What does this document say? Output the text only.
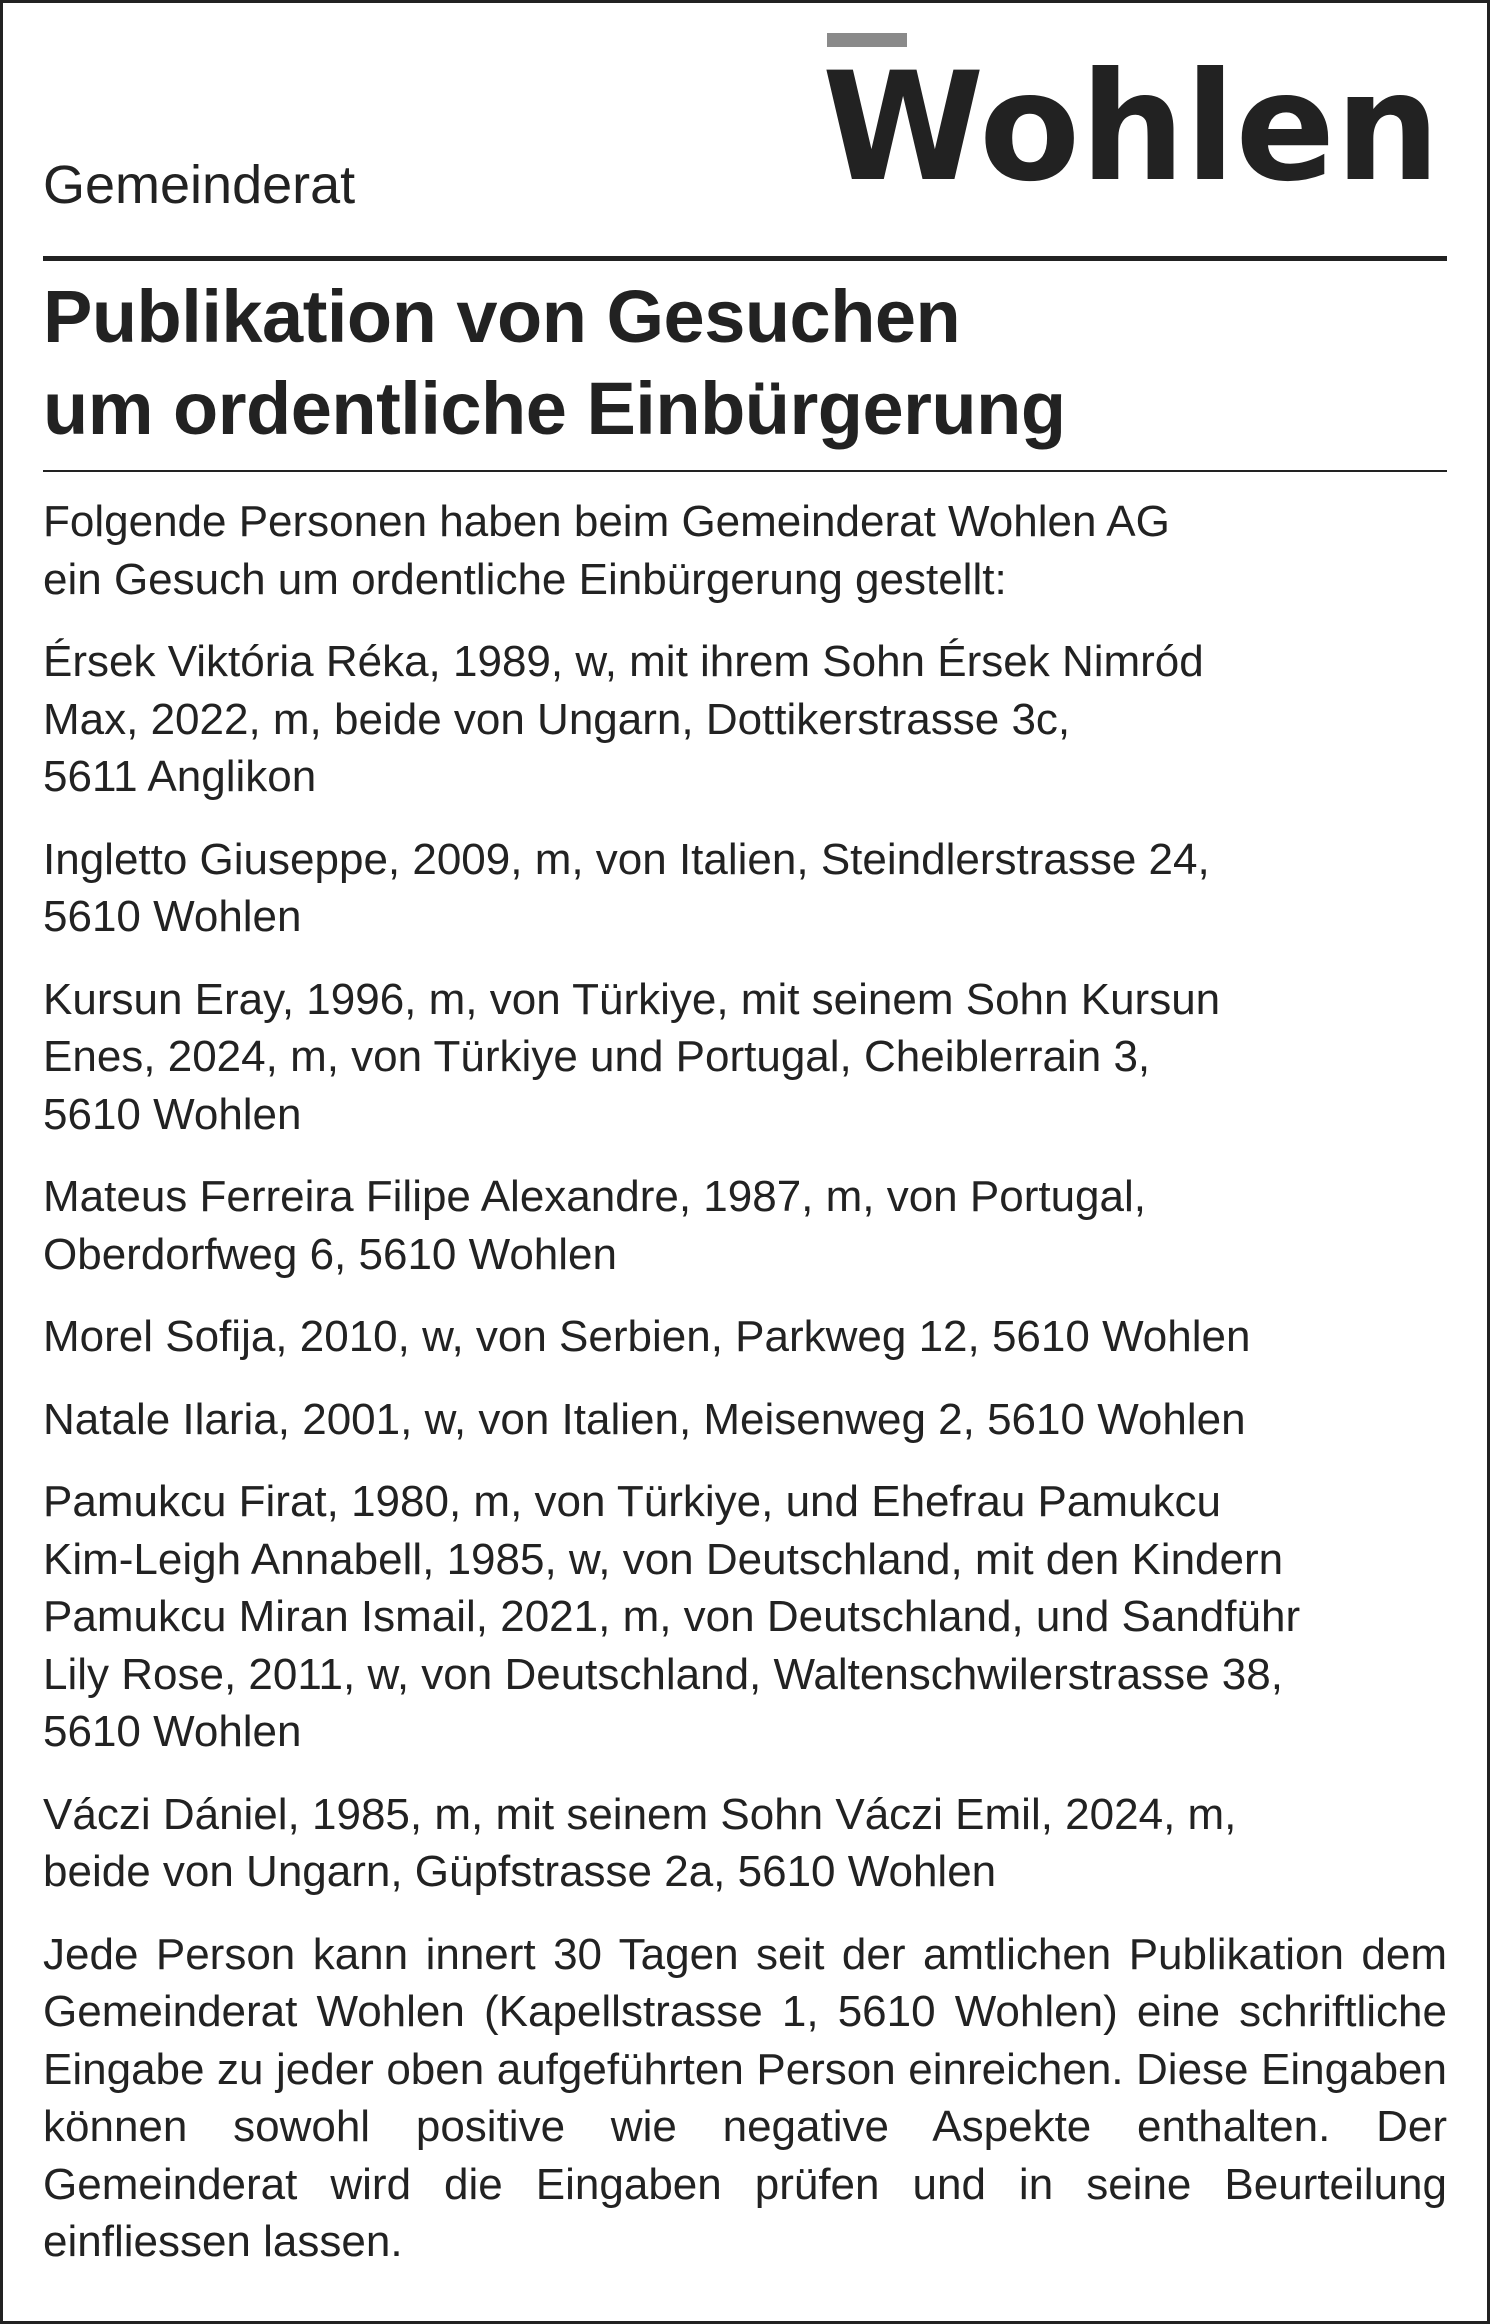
Gemeinderat	Wohlen
Publikation von Gesuchen
um ordentliche Einbürgerung

Folgende Personen haben beim Gemeinderat Wohlen AG
ein Gesuch um ordentliche Einbürgerung gestellt:

Érsek Viktória Réka, 1989, w, mit ihrem Sohn Érsek Nimród
Max, 2022, m, beide von Ungarn, Dottikerstrasse 3c,
5611 Anglikon

Ingletto Giuseppe, 2009, m, von Italien, Steindlerstrasse 24,
5610 Wohlen

Kursun Eray, 1996, m, von Türkiye, mit seinem Sohn Kursun
Enes, 2024, m, von Türkiye und Portugal, Cheiblerrain 3,
5610 Wohlen

Mateus Ferreira Filipe Alexandre, 1987, m, von Portugal,
Oberdorfweg 6, 5610 Wohlen

Morel Sofija, 2010, w, von Serbien, Parkweg 12, 5610 Wohlen

Natale Ilaria, 2001, w, von Italien, Meisenweg 2, 5610 Wohlen

Pamukcu Firat, 1980, m, von Türkiye, und Ehefrau Pamukcu
Kim-Leigh Annabell, 1985, w, von Deutschland, mit den Kindern
Pamukcu Miran Ismail, 2021, m, von Deutschland, und Sandführ
Lily Rose, 2011, w, von Deutschland, Waltenschwilerstrasse 38,
5610 Wohlen

Váczi Dániel, 1985, m, mit seinem Sohn Váczi Emil, 2024, m,
beide von Ungarn, Güpfstrasse 2a, 5610 Wohlen

Jede Person kann innert 30 Tagen seit der amtlichen Publikation dem Gemeinderat Wohlen (Kapellstrasse 1, 5610 Wohlen) eine schriftliche Eingabe zu jeder oben aufgeführten Person einreichen. Diese Eingaben können sowohl positive wie negative Aspekte enthalten. Der Gemeinderat wird die Eingaben prüfen und in seine Beurteilung einfliessen lassen.
